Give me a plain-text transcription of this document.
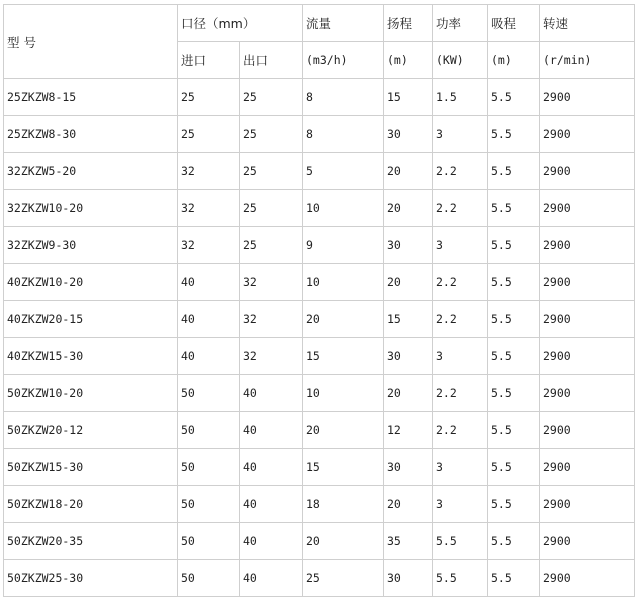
型 号	口径（mm）		流量	扬程	功率	吸程	转速
	进口	出口	(m3/h)	(m)	(KW)	(m)	(r/min)
25ZKZW8-15	25	25	8	15	1.5	5.5	2900
25ZKZW8-30	25	25	8	30	3	5.5	2900
32ZKZW5-20	32	25	5	20	2.2	5.5	2900
32ZKZW10-20	32	25	10	20	2.2	5.5	2900
32ZKZW9-30	32	25	9	30	3	5.5	2900
40ZKZW10-20	40	32	10	20	2.2	5.5	2900
40ZKZW20-15	40	32	20	15	2.2	5.5	2900
40ZKZW15-30	40	32	15	30	3	5.5	2900
50ZKZW10-20	50	40	10	20	2.2	5.5	2900
50ZKZW20-12	50	40	20	12	2.2	5.5	2900
50ZKZW15-30	50	40	15	30	3	5.5	2900
50ZKZW18-20	50	40	18	20	3	5.5	2900
50ZKZW20-35	50	40	20	35	5.5	5.5	2900
50ZKZW25-30	50	40	25	30	5.5	5.5	2900
